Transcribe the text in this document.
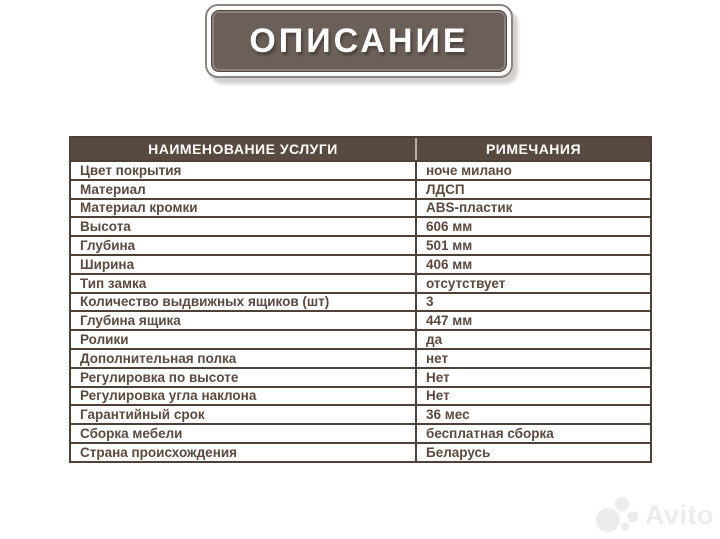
ОПИСАНИЕ
НАИМЕНОВАНИЕ УСЛУГИ	РИМЕЧАНИЯ
Цвет покрытия	ноче милано
Материал	ЛДСП
Материал кромки	ABS-пластик
Высота	606 мм
Глубина	501 мм
Ширина	406 мм
Тип замка	отсутствует
Количество выдвижных ящиков (шт)	3
Глубина ящика	447 мм
Ролики	да
Дополнительная полка	нет
Регулировка по высоте	Нет
Регулировка угла наклона	Нет
Гарантийный срок	36 мес
Сборка мебели	бесплатная сборка
Страна происхождения	Беларусь
Avito
